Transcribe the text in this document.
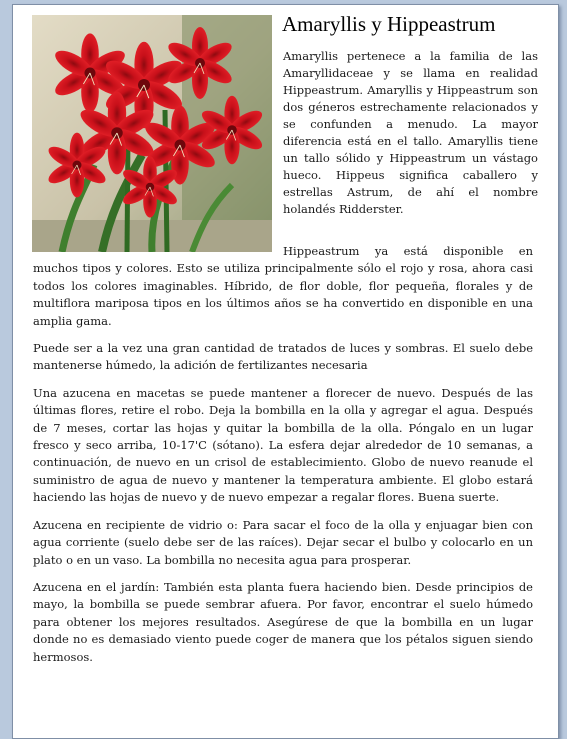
Amaryllis y Hippeastrum

Amaryllis pertenece a la familia de las Amaryllidaceae y se llama en realidad Hippeastrum. Amaryllis y Hippeastrum son dos géneros estrechamente relacionados y se confunden a menudo. La mayor diferencia está en el tallo. Amaryllis tiene un tallo sólido y Hippeastrum un vástago hueco. Hippeus significa caballero y estrellas Astrum, de ahí el nombre holandés Ridderster.

Hippeastrum ya está disponible en muchos tipos y colores. Esto se utiliza principalmente sólo el rojo y rosa, ahora casi todos los colores imaginables. Híbrido, de flor doble, flor pequeña, florales y de multiflora mariposa tipos en los últimos años se ha convertido en disponible en una amplia gama.

Puede ser a la vez una gran cantidad de tratados de luces y sombras. El suelo debe mantenerse húmedo, la adición de fertilizantes necesaria

Una azucena en macetas se puede mantener a florecer de nuevo. Después de las últimas flores, retire el robo. Deja la bombilla en la olla y agregar el agua. Después de 7 meses, cortar las hojas y quitar la bombilla de la olla. Póngalo en un lugar fresco y seco arriba, 10-17'C (sótano). La esfera dejar alrededor de 10 semanas, a continuación, de nuevo en un crisol de establecimiento. Globo de nuevo reanude el suministro de agua de nuevo y mantener la temperatura ambiente. El globo estará haciendo las hojas de nuevo y de nuevo empezar a regalar flores. Buena suerte.

Azucena en recipiente de vidrio o: Para sacar el foco de la olla y enjuagar bien con agua corriente (suelo debe ser de las raíces). Dejar secar el bulbo y colocarlo en un plato o en un vaso. La bombilla no necesita agua para prosperar.

Azucena en el jardín: También esta planta fuera haciendo bien. Desde principios de mayo, la bombilla se puede sembrar afuera. Por favor, encontrar el suelo húmedo para obtener los mejores resultados. Asegúrese de que la bombilla en un lugar donde no es demasiado viento puede coger de manera que los pétalos siguen siendo hermosos.
